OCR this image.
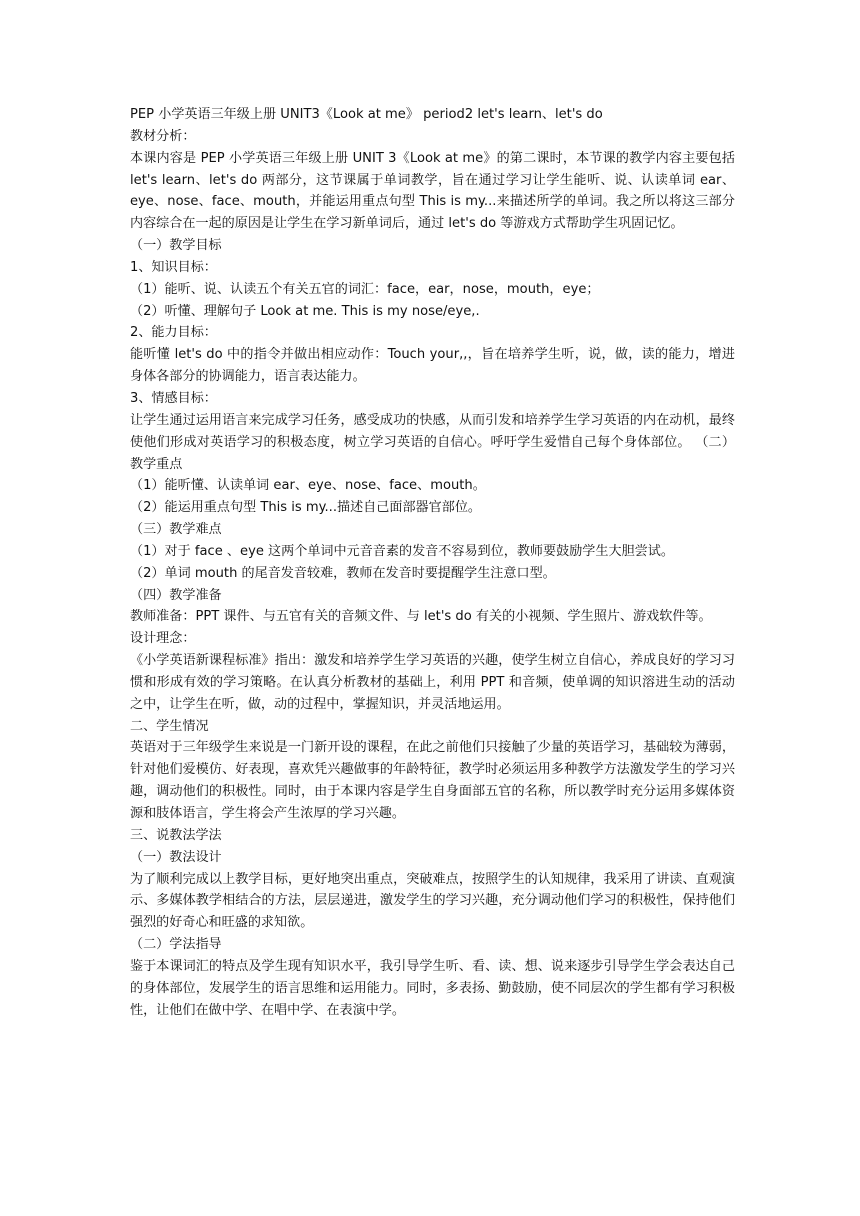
PEP 小学英语三年级上册 UNIT3《Look at me》 period2 let's learn、let's do
教材分析：

本课内容是 PEP 小学英语三年级上册 UNIT 3《Look at me》的第二课时，本节课的教学内容主要包括 let's learn、let's do 两部分，这节课属于单词教学，旨在通过学习让学生能听、说、认读单词 ear、eye、nose、face、mouth，并能运用重点句型 This is my...来描述所学的单词。我之所以将这三部分内容综合在一起的原因是让学生在学习新单词后，通过 let's do 等游戏方式帮助学生巩固记忆。

（一）教学目标
1、知识目标：
（1）能听、说、认读五个有关五官的词汇：face，ear，nose，mouth，eye；
（2）听懂、理解句子 Look at me. This is my nose/eye,.
2、能力目标：

能听懂 let's do 中的指令并做出相应动作：Touch your,,，旨在培养学生听，说，做，读的能力，增进身体各部分的协调能力，语言表达能力。

3、情感目标：

让学生通过运用语言来完成学习任务，感受成功的快感，从而引发和培养学生学习英语的内在动机，最终使他们形成对英语学习的积极态度，树立学习英语的自信心。呼吁学生爱惜自己每个身体部位。 （二）教学重点

（1）能听懂、认读单词 ear、eye、nose、face、mouth。
（2）能运用重点句型 This is my...描述自己面部器官部位。
（三）教学难点
（1）对于 face 、eye 这两个单词中元音音素的发音不容易到位，教师要鼓励学生大胆尝试。
（2）单词 mouth 的尾音发音较难，教师在发音时要提醒学生注意口型。
（四）教学准备

教师准备：PPT 课件、与五官有关的音频文件、与 let's do 有关的小视频、学生照片、游戏软件等。

设计理念：

《小学英语新课程标准》指出：激发和培养学生学习英语的兴趣，使学生树立自信心，养成良好的学习习惯和形成有效的学习策略。在认真分析教材的基础上，利用 PPT 和音频，使单调的知识溶进生动的活动之中，让学生在听，做，动的过程中，掌握知识，并灵活地运用。

二、学生情况

英语对于三年级学生来说是一门新开设的课程，在此之前他们只接触了少量的英语学习，基础较为薄弱，针对他们爱模仿、好表现，喜欢凭兴趣做事的年龄特征，教学时必须运用多种教学方法激发学生的学习兴趣，调动他们的积极性。同时，由于本课内容是学生自身面部五官的名称，所以教学时充分运用多媒体资源和肢体语言，学生将会产生浓厚的学习兴趣。

三、说教法学法
（一）教法设计

为了顺利完成以上教学目标，更好地突出重点，突破难点，按照学生的认知规律，我采用了讲读、直观演示、多媒体教学相结合的方法，层层递进，激发学生的学习兴趣，充分调动他们学习的积极性，保持他们强烈的好奇心和旺盛的求知欲。

（二）学法指导

鉴于本课词汇的特点及学生现有知识水平，我引导学生听、看、读、想、说来逐步引导学生学会表达自己的身体部位，发展学生的语言思维和运用能力。同时，多表扬、勤鼓励，使不同层次的学生都有学习积极性，让他们在做中学、在唱中学、在表演中学。
